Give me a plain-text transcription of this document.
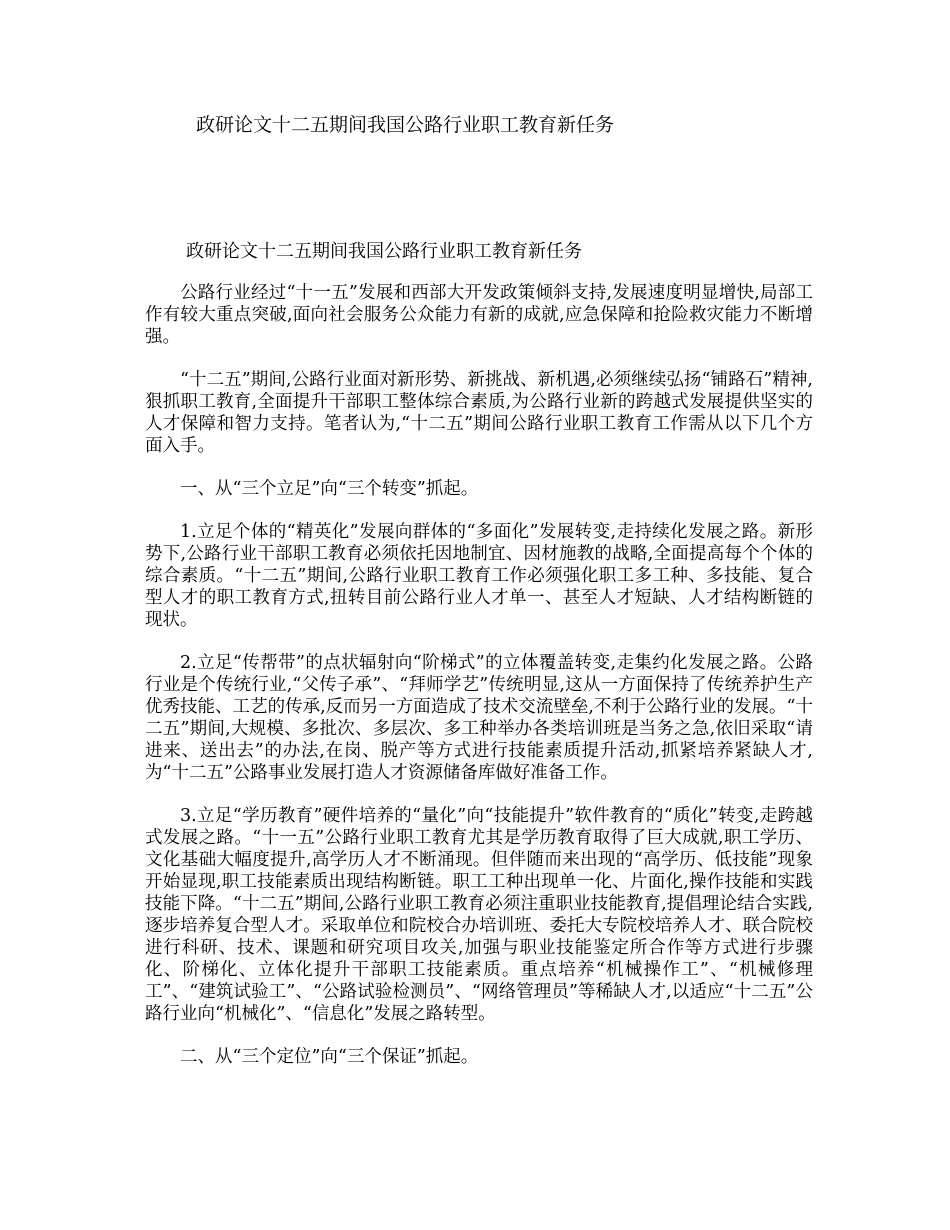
政研论文十二五期间我国公路行业职工教育新任务
政研论文十二五期间我国公路行业职工教育新任务

公路行业经过“十一五”发展和西部大开发政策倾斜支持,发展速度明显增快,局部工作有较大重点突破,面向社会服务公众能力有新的成就,应急保障和抢险救灾能力不断增强。

“十二五”期间,公路行业面对新形势、新挑战、新机遇,必须继续弘扬“铺路石”精神,狠抓职工教育,全面提升干部职工整体综合素质,为公路行业新的跨越式发展提供坚实的人才保障和智力支持。笔者认为,“十二五”期间公路行业职工教育工作需从以下几个方面入手。

一、从“三个立足”向“三个转变”抓起。

1.立足个体的“精英化”发展向群体的“多面化”发展转变,走持续化发展之路。新形势下,公路行业干部职工教育必须依托因地制宜、因材施教的战略,全面提高每个个体的综合素质。“十二五”期间,公路行业职工教育工作必须强化职工多工种、多技能、复合型人才的职工教育方式,扭转目前公路行业人才单一、甚至人才短缺、人才结构断链的现状。

2.立足“传帮带”的点状辐射向“阶梯式”的立体覆盖转变,走集约化发展之路。公路行业是个传统行业,“父传子承”、“拜师学艺”传统明显,这从一方面保持了传统养护生产优秀技能、工艺的传承,反而另一方面造成了技术交流壁垒,不利于公路行业的发展。“十二五”期间,大规模、多批次、多层次、多工种举办各类培训班是当务之急,依旧采取“请进来、送出去”的办法,在岗、脱产等方式进行技能素质提升活动,抓紧培养紧缺人才,为“十二五”公路事业发展打造人才资源储备库做好准备工作。

3.立足“学历教育”硬件培养的“量化”向“技能提升”软件教育的“质化”转变,走跨越式发展之路。“十一五”公路行业职工教育尤其是学历教育取得了巨大成就,职工学历、文化基础大幅度提升,高学历人才不断涌现。但伴随而来出现的“高学历、低技能”现象开始显现,职工技能素质出现结构断链。职工工种出现单一化、片面化,操作技能和实践技能下降。“十二五”期间,公路行业职工教育必须注重职业技能教育,提倡理论结合实践,逐步培养复合型人才。采取单位和院校合办培训班、委托大专院校培养人才、联合院校进行科研、技术、课题和研究项目攻关,加强与职业技能鉴定所合作等方式进行步骤化、阶梯化、立体化提升干部职工技能素质。重点培养“机械操作工”、“机械修理工”、“建筑试验工”、“公路试验检测员”、“网络管理员”等稀缺人才,以适应“十二五”公路行业向“机械化”、“信息化”发展之路转型。

二、从“三个定位”向“三个保证”抓起。
